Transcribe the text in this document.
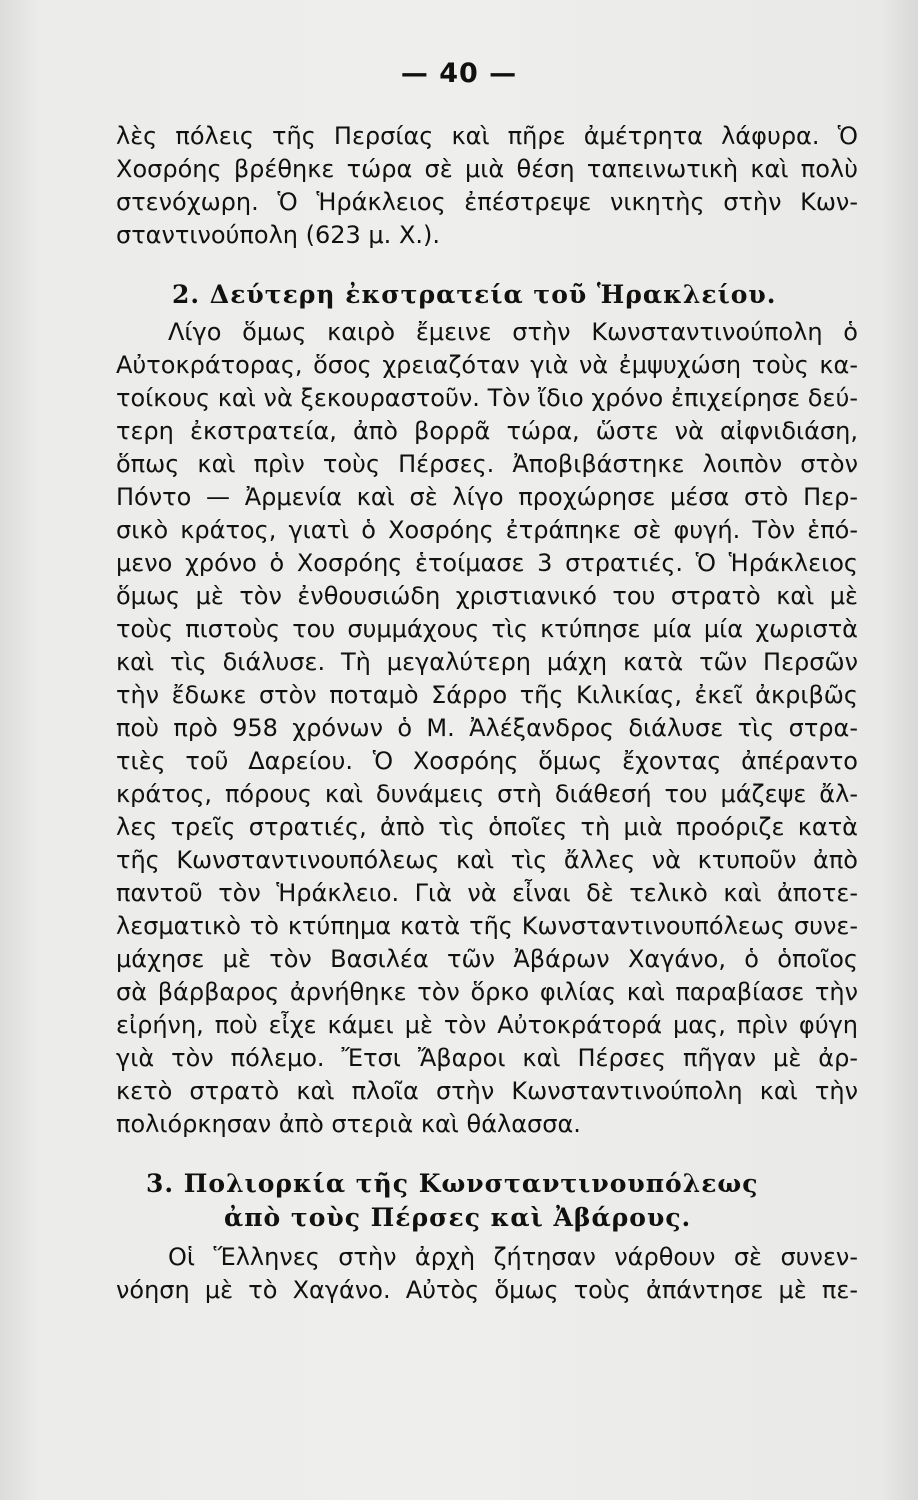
— 40 —
λὲς πόλεις τῆς Περσίας καὶ πῆρε ἀμέτρητα λάφυρα. Ὁ
Χοσρόης βρέθηκε τώρα σὲ μιὰ θέση ταπεινωτικὴ καὶ πολὺ
στενόχωρη. Ὁ Ἡράκλειος ἐπέστρεψε νικητὴς στὴν Κων-
σταντινούπολη (623 μ. Χ.).
2. Δεύτερη ἐκστρατεία τοῦ Ἡρακλείου.
Λίγο ὅμως καιρὸ ἔμεινε στὴν Κωνσταντινούπολη ὁ
Αὐτοκράτορας, ὅσος χρειαζόταν γιὰ νὰ ἐμψυχώση τοὺς κα-
τοίκους καὶ νὰ ξεκουραστοῦν. Τὸν ἴδιο χρόνο ἐπιχείρησε δεύ-
τερη ἐκστρατεία, ἀπὸ βορρᾶ τώρα, ὥστε νὰ αἰφνιδιάση,
ὅπως καὶ πρὶν τοὺς Πέρσες. Ἀποβιβάστηκε λοιπὸν στὸν
Πόντο — Ἀρμενία καὶ σὲ λίγο προχώρησε μέσα στὸ Περ-
σικὸ κράτος, γιατὶ ὁ Χοσρόης ἐτράπηκε σὲ φυγή. Τὸν ἑπό-
μενο χρόνο ὁ Χοσρόης ἑτοίμασε 3 στρατιές. Ὁ Ἡράκλειος
ὅμως μὲ τὸν ἐνθουσιώδη χριστιανικό του στρατὸ καὶ μὲ
τοὺς πιστοὺς του συμμάχους τὶς κτύπησε μία μία χωριστὰ
καὶ τὶς διάλυσε. Τὴ μεγαλύτερη μάχη κατὰ τῶν Περσῶν
τὴν ἔδωκε στὸν ποταμὸ Σάρρο τῆς Κιλικίας, ἐκεῖ ἀκριβῶς
ποὺ πρὸ 958 χρόνων ὁ Μ. Ἀλέξανδρος διάλυσε τὶς στρα-
τιὲς τοῦ Δαρείου. Ὁ Χοσρόης ὅμως ἔχοντας ἀπέραντο
κράτος, πόρους καὶ δυνάμεις στὴ διάθεσή του μάζεψε ἄλ-
λες τρεῖς στρατιές, ἀπὸ τὶς ὁποῖες τὴ μιὰ προόριζε κατὰ
τῆς Κωνσταντινουπόλεως καὶ τὶς ἄλλες νὰ κτυποῦν ἀπὸ
παντοῦ τὸν Ἡράκλειο. Γιὰ νὰ εἶναι δὲ τελικὸ καὶ ἀποτε-
λεσματικὸ τὸ κτύπημα κατὰ τῆς Κωνσταντινουπόλεως συνε-
μάχησε μὲ τὸν Βασιλέα τῶν Ἀβάρων Χαγάνο, ὁ ὁποῖος
σὰ βάρβαρος ἀρνήθηκε τὸν ὅρκο φιλίας καὶ παραβίασε τὴν
εἰρήνη, ποὺ εἶχε κάμει μὲ τὸν Αὐτοκράτορά μας, πρὶν φύγη
γιὰ τὸν πόλεμο. Ἔτσι Ἄβαροι καὶ Πέρσες πῆγαν μὲ ἀρ-
κετὸ στρατὸ καὶ πλοῖα στὴν Κωνσταντινούπολη καὶ τὴν
πολιόρκησαν ἀπὸ στεριὰ καὶ θάλασσα.
3. Πολιορκία τῆς Κωνσταντινουπόλεως
ἀπὸ τοὺς Πέρσες καὶ Ἀβάρους.
Οἱ Ἕλληνες στὴν ἀρχὴ ζήτησαν νάρθουν σὲ συνεν-
νόηση μὲ τὸ Χαγάνο. Αὐτὸς ὅμως τοὺς ἀπάντησε μὲ πε-
